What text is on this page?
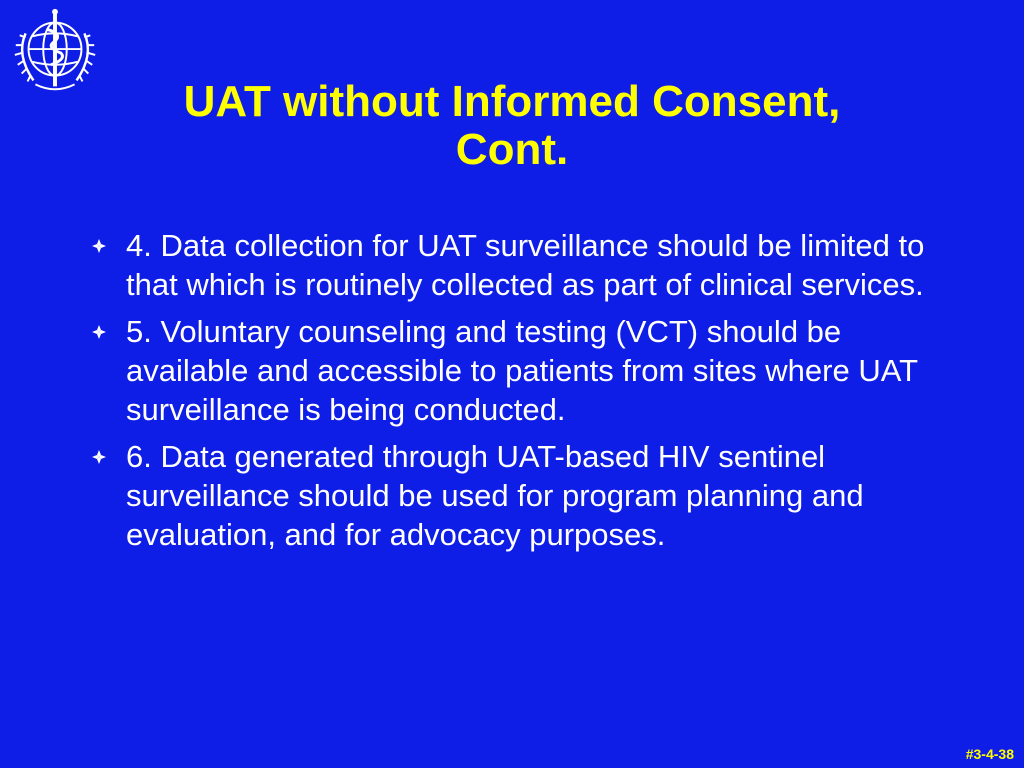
UAT without Informed Consent,
Cont.
4. Data collection for UAT surveillance should be limited to that which is routinely collected as part of clinical services.
5. Voluntary counseling and testing (VCT) should be available and accessible to patients from sites where UAT surveillance is being conducted.
6. Data generated through UAT-based HIV sentinel surveillance should be used for program planning and evaluation, and for advocacy purposes.
#3-4-38
